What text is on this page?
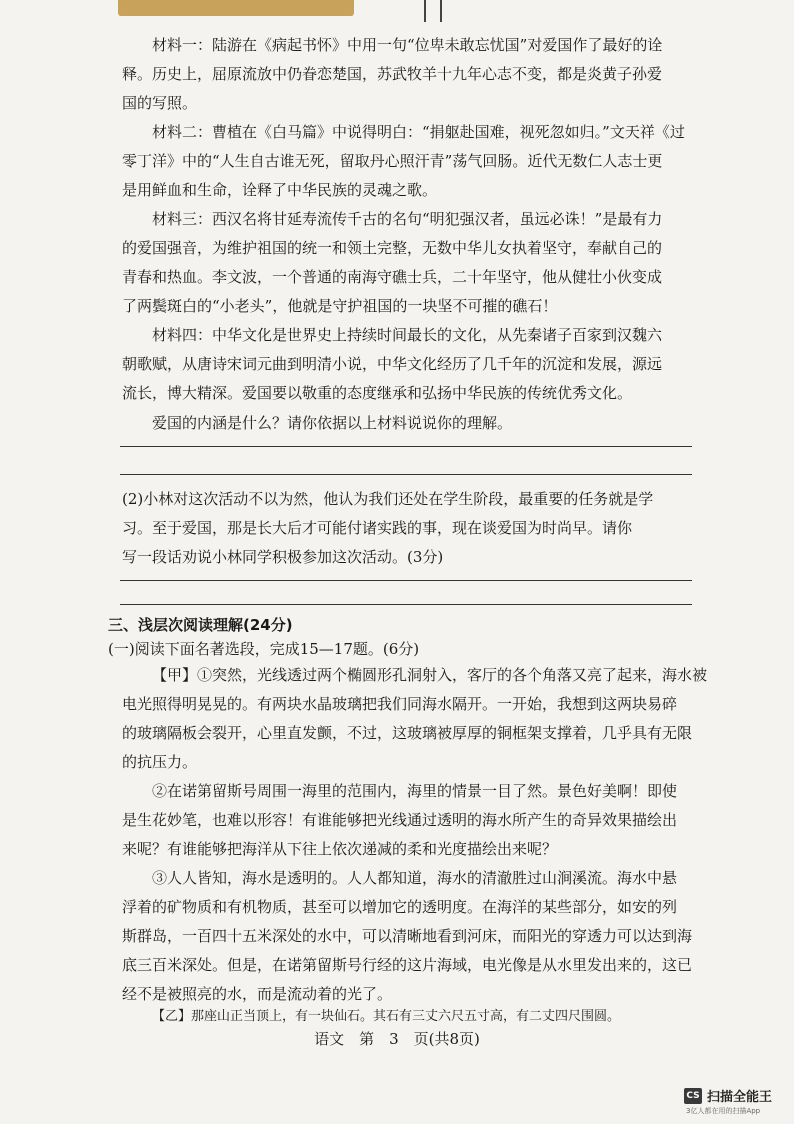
材料一：陆游在《病起书怀》中用一句“位卑未敢忘忧国”对爱国作了最好的诠
释。历史上，屈原流放中仍眷恋楚国，苏武牧羊十九年心志不变，都是炎黄子孙爱
国的写照。
材料二：曹植在《白马篇》中说得明白：“捐躯赴国难，视死忽如归。”文天祥《过
零丁洋》中的“人生自古谁无死，留取丹心照汗青”荡气回肠。近代无数仁人志士更
是用鲜血和生命，诠释了中华民族的灵魂之歌。
材料三：西汉名将甘延寿流传千古的名句“明犯强汉者，虽远必诛！”是最有力
的爱国强音，为维护祖国的统一和领土完整，无数中华儿女执着坚守，奉献自己的
青春和热血。李文波，一个普通的南海守礁士兵，二十年坚守，他从健壮小伙变成
了两鬓斑白的“小老头”，他就是守护祖国的一块坚不可摧的礁石！
材料四：中华文化是世界史上持续时间最长的文化，从先秦诸子百家到汉魏六
朝歌赋，从唐诗宋词元曲到明清小说，中华文化经历了几千年的沉淀和发展，源远
流长，博大精深。爱国要以敬重的态度继承和弘扬中华民族的传统优秀文化。
爱国的内涵是什么？请你依据以上材料说说你的理解。
(2)小林对这次活动不以为然，他认为我们还处在学生阶段，最重要的任务就是学
习。至于爱国，那是长大后才可能付诸实践的事，现在谈爱国为时尚早。请你
写一段话劝说小林同学积极参加这次活动。(3分)
三、浅层次阅读理解(24分)
(一)阅读下面名著选段，完成15—17题。(6分)
【甲】①突然，光线透过两个椭圆形孔洞射入，客厅的各个角落又亮了起来，海水被
电光照得明晃晃的。有两块水晶玻璃把我们同海水隔开。一开始，我想到这两块易碎
的玻璃隔板会裂开，心里直发颤，不过，这玻璃被厚厚的铜框架支撑着，几乎具有无限
的抗压力。
②在诺第留斯号周围一海里的范围内，海里的情景一目了然。景色好美啊！即使
是生花妙笔，也难以形容！有谁能够把光线通过透明的海水所产生的奇异效果描绘出
来呢？有谁能够把海洋从下往上依次递减的柔和光度描绘出来呢？
③人人皆知，海水是透明的。人人都知道，海水的清澈胜过山涧溪流。海水中悬
浮着的矿物质和有机物质，甚至可以增加它的透明度。在海洋的某些部分，如安的列
斯群岛，一百四十五米深处的水中，可以清晰地看到河床，而阳光的穿透力可以达到海
底三百米深处。但是，在诺第留斯号行经的这片海域，电光像是从水里发出来的，这已
经不是被照亮的水，而是流动着的光了。
【乙】那座山正当顶上，有一块仙石。其石有三丈六尺五寸高，有二丈四尺围圆。
语文　第　3　页(共8页)
CS 扫描全能王
3亿人都在用的扫描App
